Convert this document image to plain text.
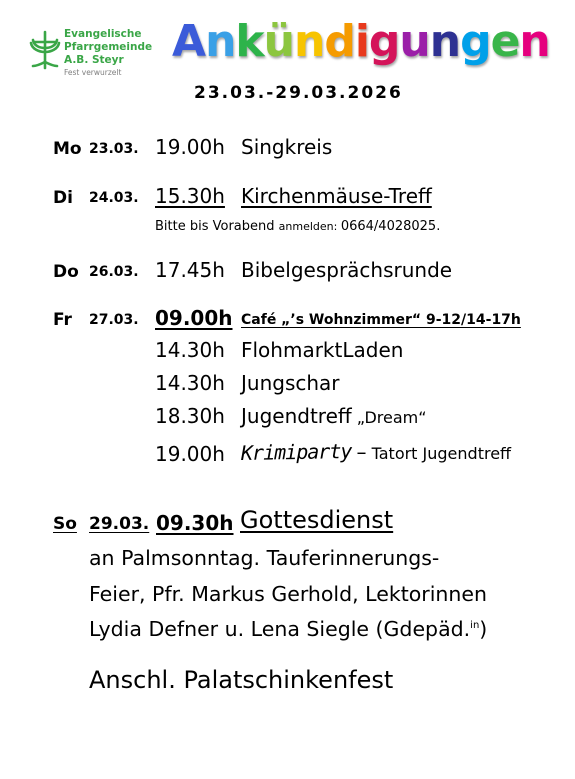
Evangelische
Pfarrgemeinde
A.B. Steyr
Fest verwurzelt
Ankündigungen
23.03.-29.03.2026
Mo 23.03. 19.00h Singkreis
Di 24.03. 15.30h Kirchenmäuse-Treff
Bitte bis Vorabend anmelden: 0664/4028025.
Do 26.03. 17.45h Bibelgesprächsrunde
Fr 27.03. 09.00h Café „’s Wohnzimmer“ 9-12/14-17h
14.30h FlohmarktLaden
14.30h Jungschar
18.30h Jugendtreff „Dream“
19.00h Krimiparty – Tatort Jugendtreff
So 29.03. 09.30h Gottesdienst
an Palmsonntag. Tauferinnerungs-
Feier, Pfr. Markus Gerhold, Lektorinnen
Lydia Defner u. Lena Siegle (Gdepäd.$^{in}$)
Anschl. Palatschinkenfest
